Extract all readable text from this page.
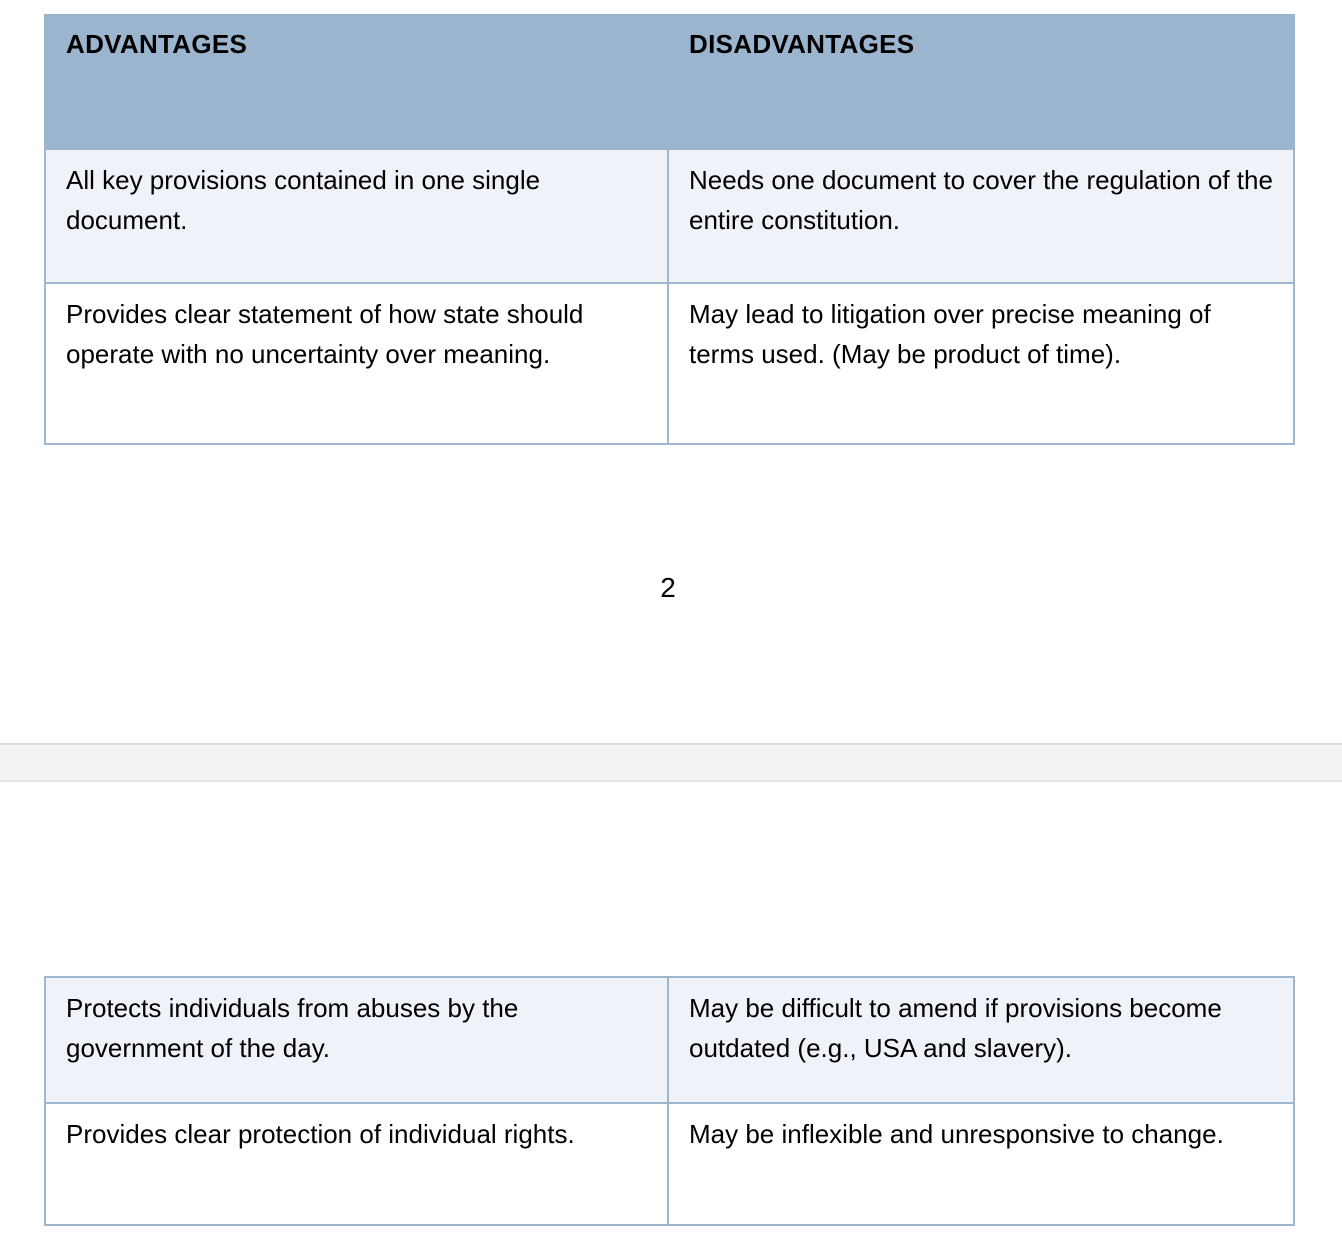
ADVANTAGES	DISADVANTAGES
All key provisions contained in one single document.	Needs one document to cover the regulation of the entire constitution.
Provides clear statement of how state should operate with no uncertainty over meaning.	May lead to litigation over precise meaning of terms used. (May be product of time).
2
Protects individuals from abuses by the government of the day.	May be difficult to amend if provisions become outdated (e.g., USA and slavery).
Provides clear protection of individual rights.	May be inflexible and unresponsive to change.
